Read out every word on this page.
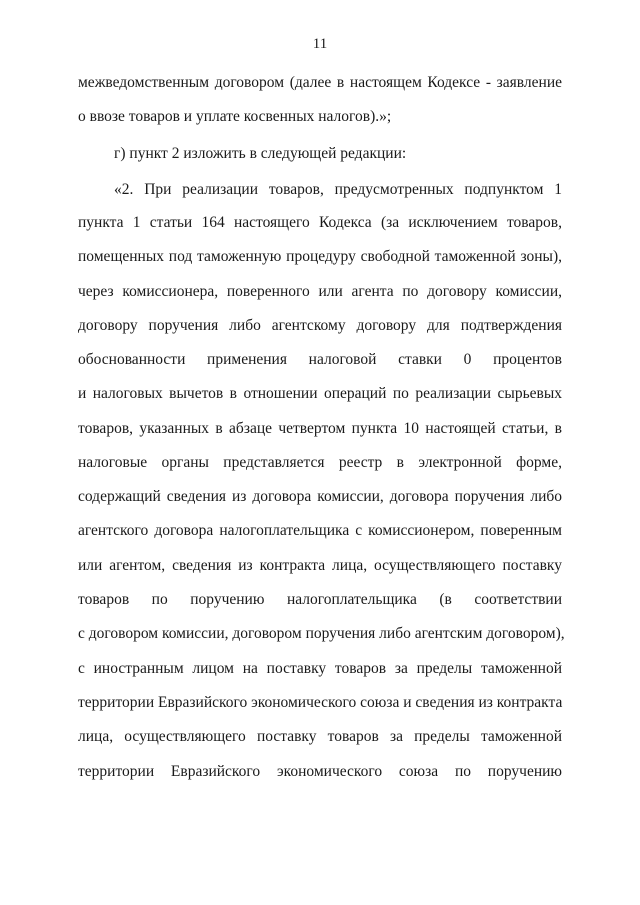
11
межведомственным договором (далее в настоящем Кодексе - заявление
о ввозе товаров и уплате косвенных налогов).»;
г) пункт 2 изложить в следующей редакции:
«2. При реализации товаров, предусмотренных подпунктом 1
пункта 1 статьи 164 настоящего Кодекса (за исключением товаров,
помещенных под таможенную процедуру свободной таможенной зоны),
через комиссионера, поверенного или агента по договору комиссии,
договору поручения либо агентскому договору для подтверждения
обоснованности применения налоговой ставки 0 процентов
и налоговых вычетов в отношении операций по реализации сырьевых
товаров, указанных в абзаце четвертом пункта 10 настоящей статьи, в
налоговые органы представляется реестр в электронной форме,
содержащий сведения из договора комиссии, договора поручения либо
агентского договора налогоплательщика с комиссионером, поверенным
или агентом, сведения из контракта лица, осуществляющего поставку
товаров по поручению налогоплательщика (в соответствии
с договором комиссии, договором поручения либо агентским договором),
с иностранным лицом на поставку товаров за пределы таможенной
территории Евразийского экономического союза и сведения из контракта
лица, осуществляющего поставку товаров за пределы таможенной
территории Евразийского экономического союза по поручению
